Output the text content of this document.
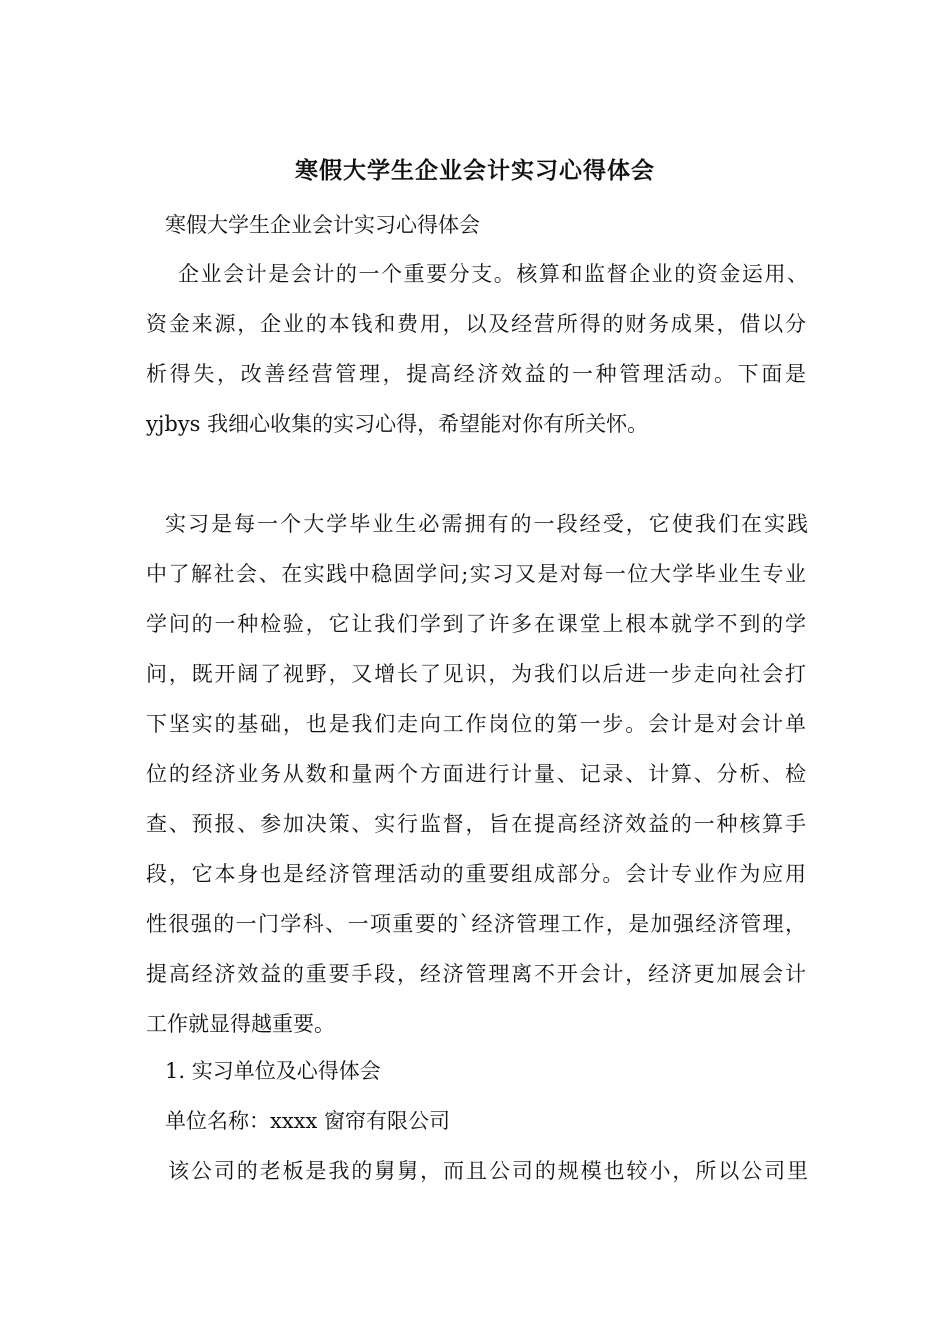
寒假大学生企业会计实习心得体会
寒假大学生企业会计实习心得体会
企业会计是会计的一个重要分支。核算和监督企业的资金运用、
资金来源，企业的本钱和费用，以及经营所得的财务成果，借以分
析得失，改善经营管理，提高经济效益的一种管理活动。下面是
yjbys 我细心收集的实习心得，希望能对你有所关怀。
实习是每一个大学毕业生必需拥有的一段经受，它使我们在实践
中了解社会、在实践中稳固学问;实习又是对每一位大学毕业生专业
学问的一种检验，它让我们学到了许多在课堂上根本就学不到的学
问，既开阔了视野，又增长了见识，为我们以后进一步走向社会打
下坚实的基础，也是我们走向工作岗位的第一步。会计是对会计单
位的经济业务从数和量两个方面进行计量、记录、计算、分析、检
查、预报、参加决策、实行监督，旨在提高经济效益的一种核算手
段，它本身也是经济管理活动的重要组成部分。会计专业作为应用
性很强的一门学科、一项重要的`经济管理工作，是加强经济管理，
提高经济效益的重要手段，经济管理离不开会计，经济更加展会计
工作就显得越重要。
1. 实习单位及心得体会
单位名称：xxxx 窗帘有限公司
该公司的老板是我的舅舅，而且公司的规模也较小，所以公司里
